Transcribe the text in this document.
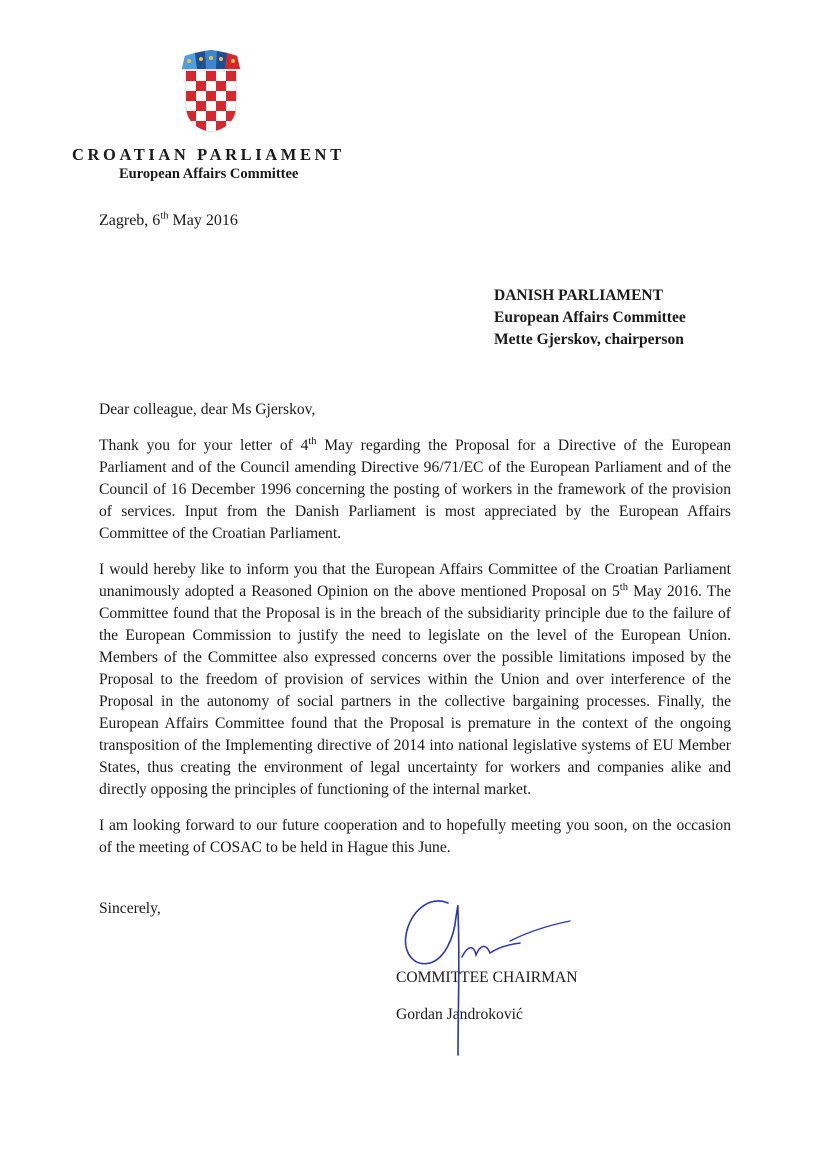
CROATIAN PARLIAMENT
European Affairs Committee
Zagreb, 6th May 2016
DANISH PARLIAMENT
European Affairs Committee
Mette Gjerskov, chairperson

Dear colleague, dear Ms Gjerskov,

Thank you for your letter of 4th May regarding the Proposal for a Directive of the European Parliament and of the Council amending Directive 96/71/EC of the European Parliament and of the Council of 16 December 1996 concerning the posting of workers in the framework of the provision of services. Input from the Danish Parliament is most appreciated by the European Affairs Committee of the Croatian Parliament.

I would hereby like to inform you that the European Affairs Committee of the Croatian Parliament unanimously adopted a Reasoned Opinion on the above mentioned Proposal on 5th May 2016. The Committee found that the Proposal is in the breach of the subsidiarity principle due to the failure of the European Commission to justify the need to legislate on the level of the European Union. Members of the Committee also expressed concerns over the possible limitations imposed by the Proposal to the freedom of provision of services within the Union and over interference of the Proposal in the autonomy of social partners in the collective bargaining processes. Finally, the European Affairs Committee found that the Proposal is premature in the context of the ongoing transposition of the Implementing directive of 2014 into national legislative systems of EU Member States, thus creating the environment of legal uncertainty for workers and companies alike and directly opposing the principles of functioning of the internal market.

I am looking forward to our future cooperation and to hopefully meeting you soon, on the occasion of the meeting of COSAC to be held in Hague this June.

Sincerely,
COMMITTEE CHAIRMAN
Gordan Jandroković
